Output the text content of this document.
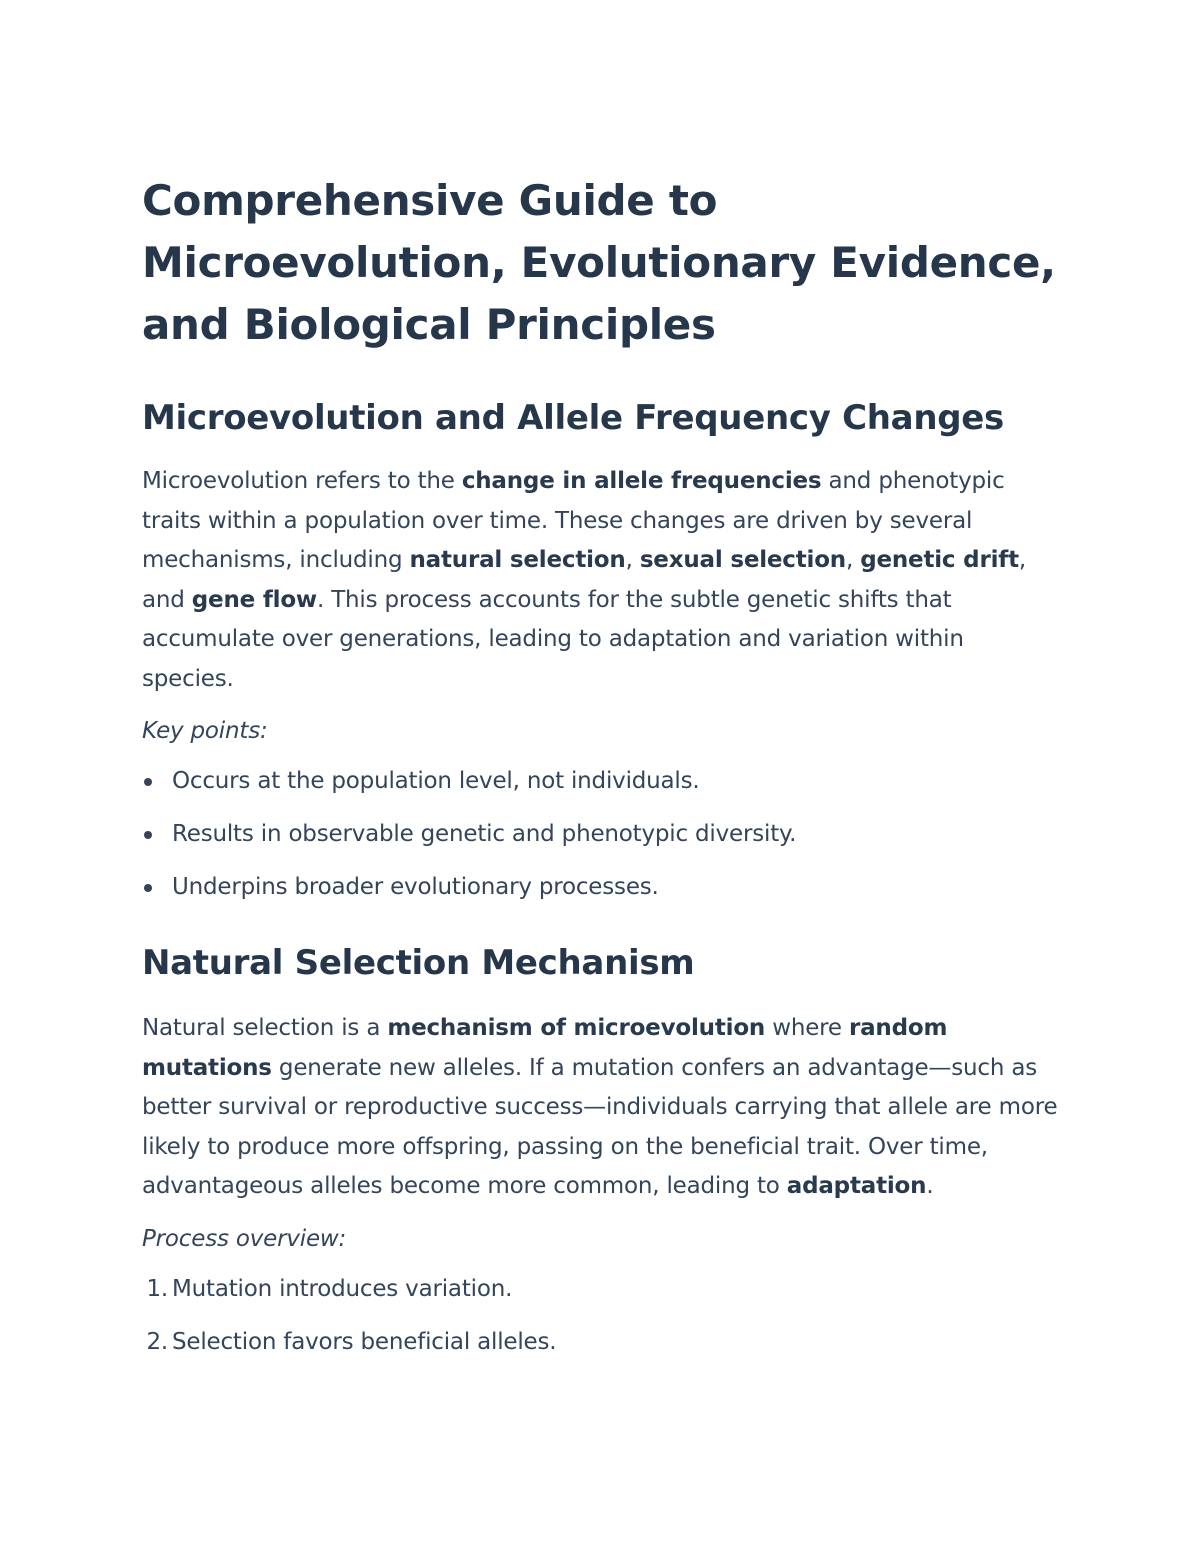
Comprehensive Guide to Microevolution, Evolutionary Evidence, and Biological Principles
Microevolution and Allele Frequency Changes

Microevolution refers to the change in allele frequencies and phenotypic traits within a population over time. These changes are driven by several mechanisms, including natural selection, sexual selection, genetic drift, and gene flow. This process accounts for the subtle genetic shifts that accumulate over generations, leading to adaptation and variation within species.

Key points:

Occurs at the population level, not individuals.
Results in observable genetic and phenotypic diversity.
Underpins broader evolutionary processes.
Natural Selection Mechanism

Natural selection is a mechanism of microevolution where random mutations generate new alleles. If a mutation confers an advantage—such as better survival or reproductive success—individuals carrying that allele are more likely to produce more offspring, passing on the beneficial trait. Over time, advantageous alleles become more common, leading to adaptation.

Process overview:

1. Mutation introduces variation.
2. Selection favors beneficial alleles.
